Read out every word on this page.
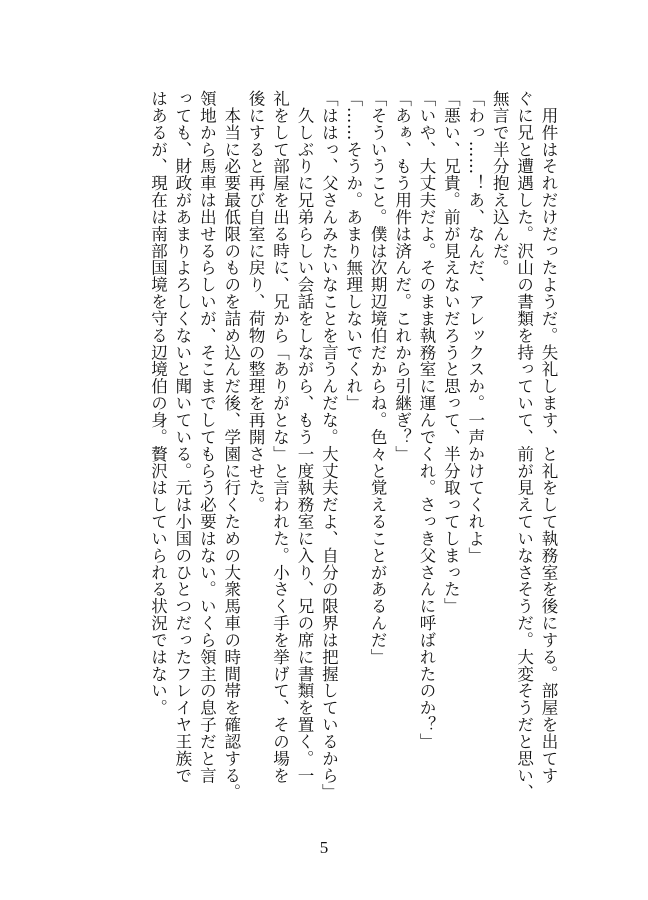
　用件はそれだけだったようだ。失礼します、と礼をして執務室を後にする。部屋を出てす
ぐに兄と遭遇した。沢山の書類を持っていて、前が見えていなさそうだ。大変そうだと思い、
無言で半分抱え込んだ。
「わっ……！あ、なんだ、アレックスか。一声かけてくれよ」
「悪い、兄貴。前が見えないだろうと思って、半分取ってしまった」
「いや、大丈夫だよ。そのまま執務室に運んでくれ。さっき父さんに呼ばれたのか？」
「あぁ、もう用件は済んだ。これから引継ぎ？」
「そういうこと。僕は次期辺境伯だからね。色々と覚えることがあるんだ」
「……そうか。あまり無理しないでくれ」
「ははっ、父さんみたいなことを言うんだな。大丈夫だよ、自分の限界は把握しているから」
　久しぶりに兄弟らしい会話をしながら、もう一度執務室に入り、兄の席に書類を置く。一
礼をして部屋を出る時に、兄から「ありがとな」と言われた。小さく手を挙げて、その場を
後にすると再び自室に戻り、荷物の整理を再開させた。
　本当に必要最低限のものを詰め込んだ後、学園に行くための大衆馬車の時間帯を確認する。
領地から馬車は出せるらしいが、そこまでしてもらう必要はない。いくら領主の息子だと言
っても、財政があまりよろしくないと聞いている。元は小国のひとつだったフレイヤ王族で
はあるが、現在は南部国境を守る辺境伯の身。贅沢はしていられる状況ではない。
5
